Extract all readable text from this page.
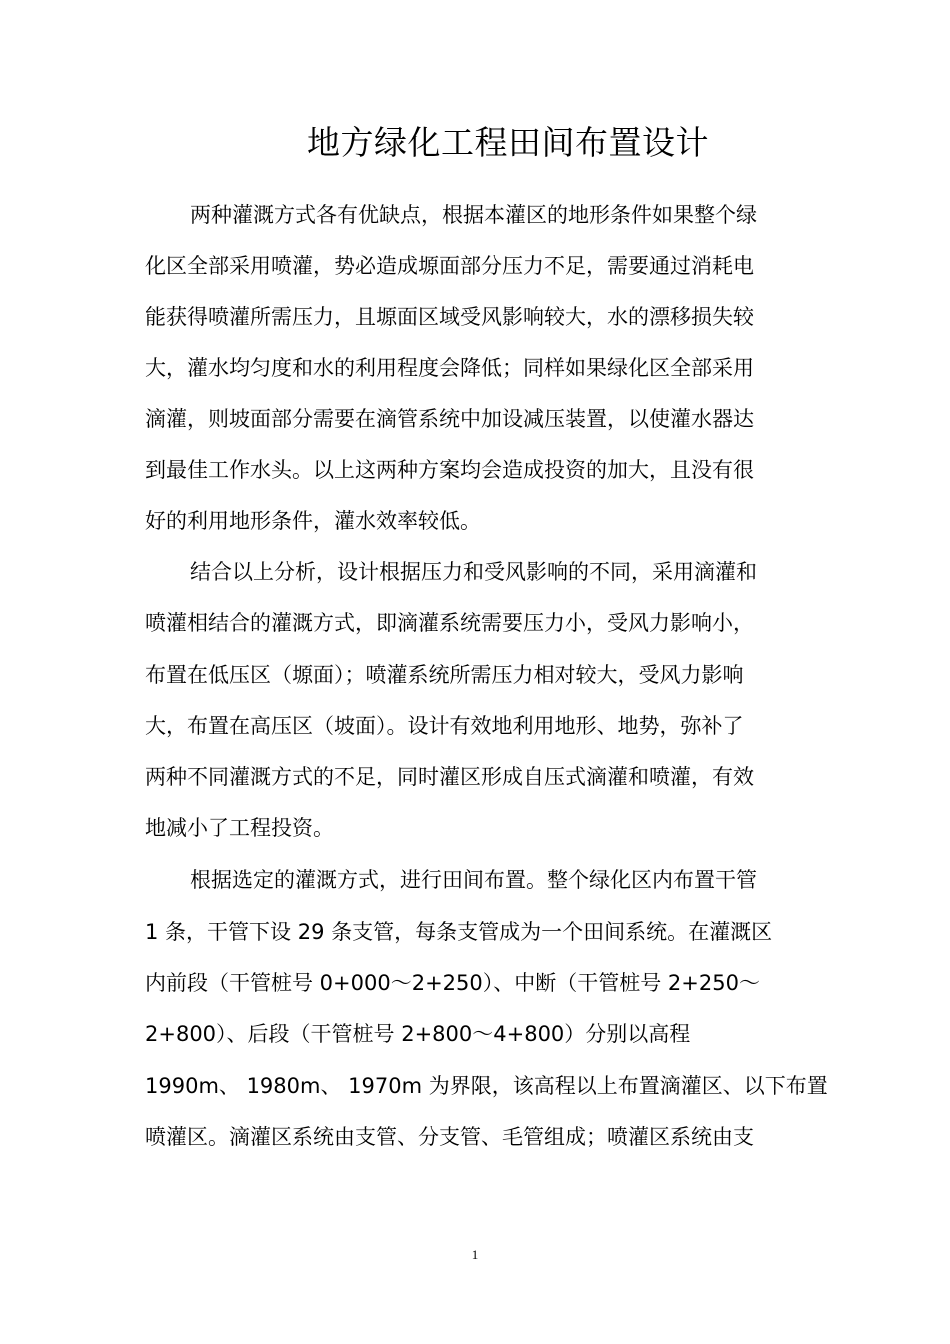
地方绿化工程田间布置设计
两种灌溉方式各有优缺点，根据本灌区的地形条件如果整个绿
化区全部采用喷灌，势必造成塬面部分压力不足，需要通过消耗电
能获得喷灌所需压力，且塬面区域受风影响较大，水的漂移损失较
大，灌水均匀度和水的利用程度会降低；同样如果绿化区全部采用
滴灌，则坡面部分需要在滴管系统中加设减压装置，以使灌水器达
到最佳工作水头。以上这两种方案均会造成投资的加大，且没有很
好的利用地形条件，灌水效率较低。
结合以上分析，设计根据压力和受风影响的不同，采用滴灌和
喷灌相结合的灌溉方式，即滴灌系统需要压力小，受风力影响小，
布置在低压区（塬面）；喷灌系统所需压力相对较大，受风力影响
大，布置在高压区（坡面）。设计有效地利用地形、地势，弥补了
两种不同灌溉方式的不足，同时灌区形成自压式滴灌和喷灌，有效
地减小了工程投资。
根据选定的灌溉方式，进行田间布置。整个绿化区内布置干管
1 条，干管下设 29 条支管，每条支管成为一个田间系统。在灌溉区
内前段（干管桩号 0+000～2+250）、中断（干管桩号 2+250～
2+800）、后段（干管桩号 2+800～4+800）分别以高程
1990m、 1980m、 1970m 为界限，该高程以上布置滴灌区、以下布置
喷灌区。滴灌区系统由支管、分支管、毛管组成；喷灌区系统由支
1
